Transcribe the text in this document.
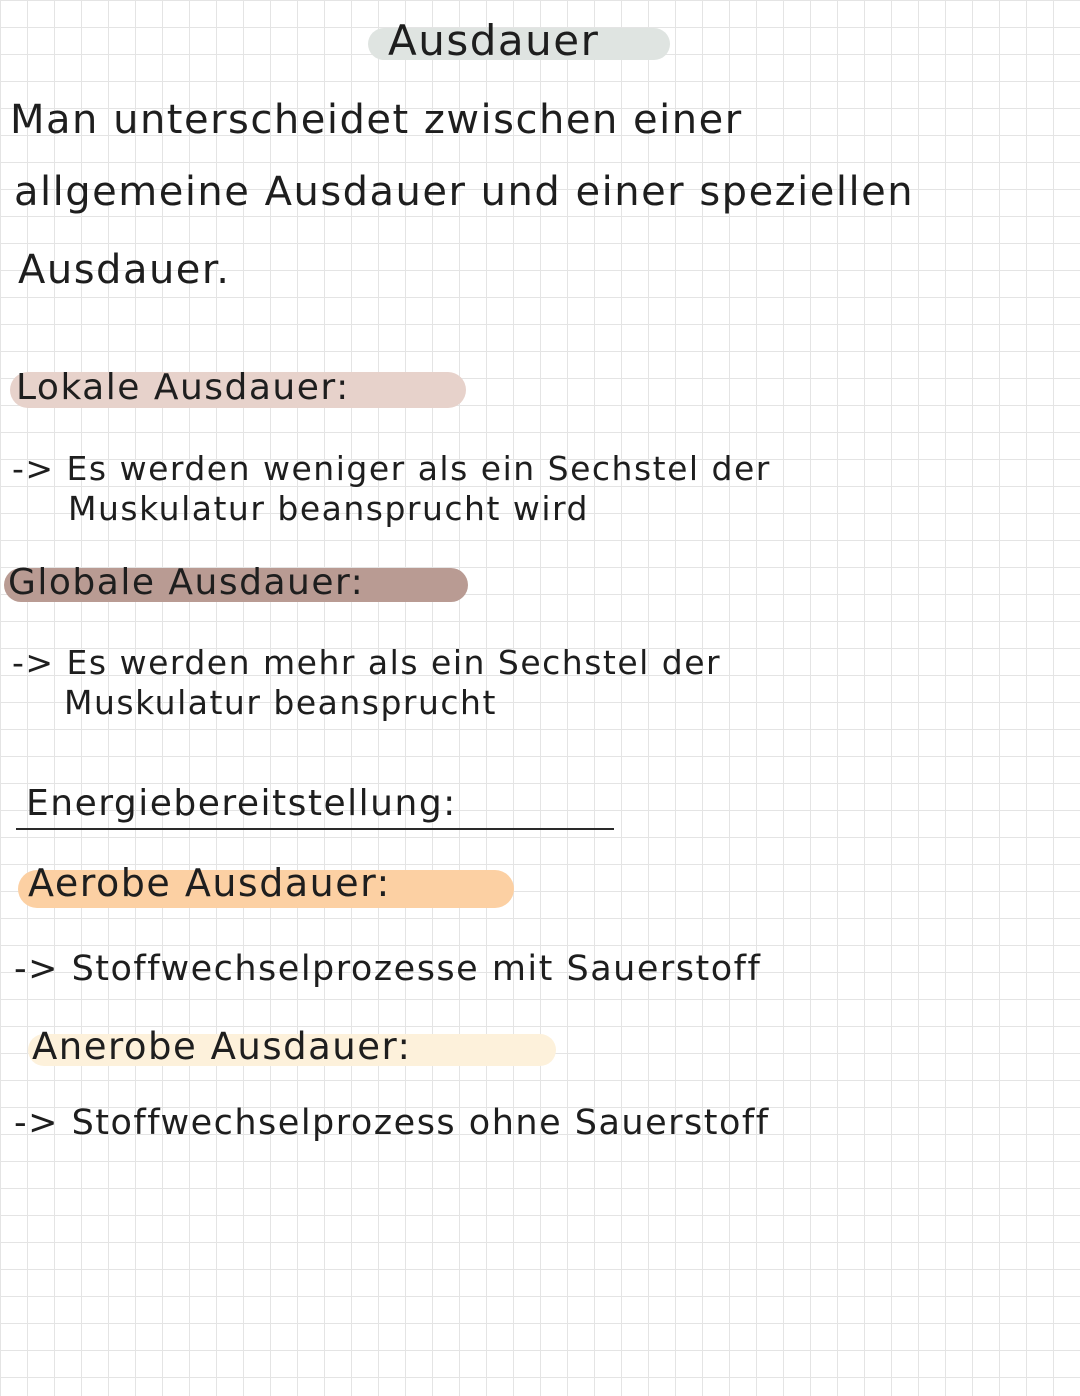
Ausdauer
Man unterscheidet zwischen einer
allgemeine Ausdauer und einer speziellen
Ausdauer.
Lokale Ausdauer:
-> Es werden weniger als ein Sechstel der
Muskulatur beansprucht wird
Globale Ausdauer:
-> Es werden mehr als ein Sechstel der
Muskulatur beansprucht
Energiebereitstellung:
Aerobe Ausdauer:
-> Stoffwechselprozesse mit Sauerstoff
Anerobe Ausdauer:
-> Stoffwechselprozess ohne Sauerstoff
